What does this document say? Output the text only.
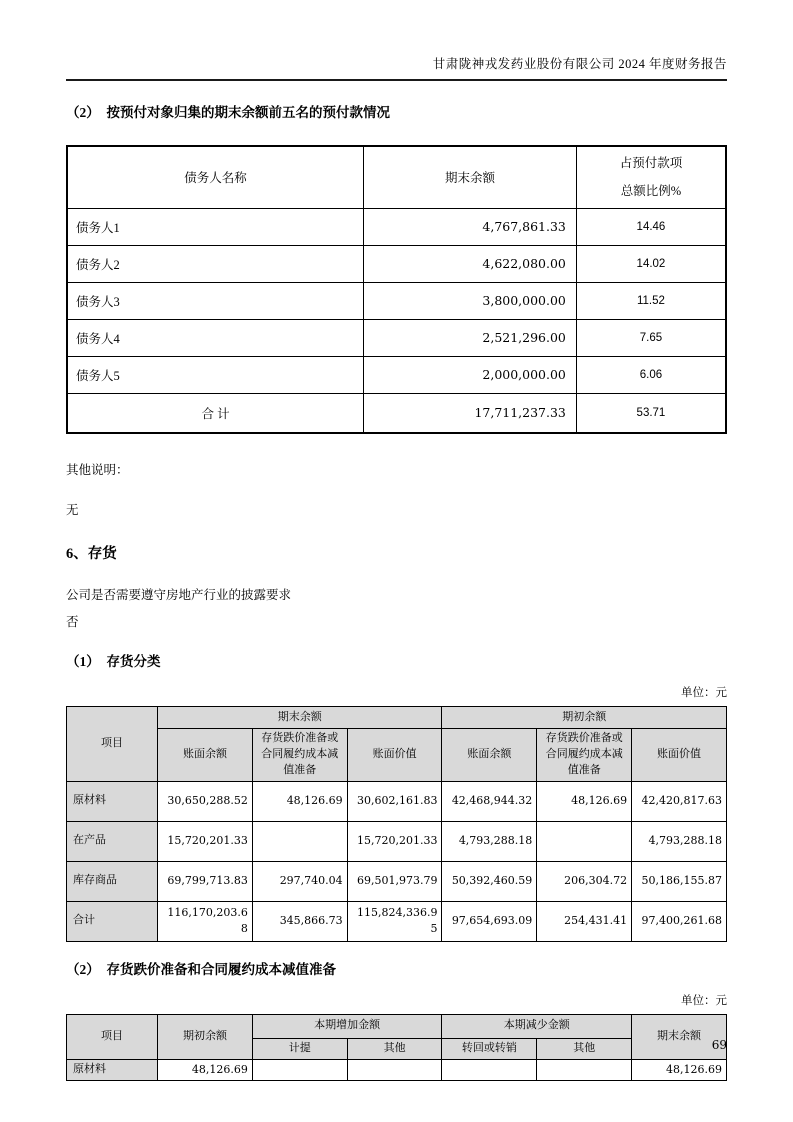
甘肃陇神戎发药业股份有限公司 2024 年度财务报告
（2）　按预付对象归集的期末余额前五名的预付款情况
债务人名称	期末余额	占预付款项
总额比例%

债务人1	4,767,861.33	14.46
债务人2	4,622,080.00	14.02
债务人3	3,800,000.00	11.52
债务人4	2,521,296.00	7.65
债务人5	2,000,000.00	6.06
合 计	17,711,237.33	53.71
其他说明：
无
6、存货
公司是否需要遵守房地产行业的披露要求
否
（1）　存货分类
单位：元
项目	期末余额			期初余额		
	账面余额	存货跌价准备或合同履约成本减值准备	账面价值	账面余额	存货跌价准备或合同履约成本减值准备	账面价值
原材料	30,650,288.52	48,126.69	30,602,161.83	42,468,944.32	48,126.69	42,420,817.63
在产品	15,720,201.33		15,720,201.33	4,793,288.18		4,793,288.18
库存商品	69,799,713.83	297,740.04	69,501,973.79	50,392,460.59	206,304.72	50,186,155.87
合计	116,170,203.68	345,866.73	115,824,336.95	97,654,693.09	254,431.41	97,400,261.68
（2）　存货跌价准备和合同履约成本减值准备
单位：元
项目	期初余额	本期增加金额		本期减少金额		期末余额
		计提	其他	转回或转销	其他	
原材料	48,126.69					48,126.69
69
